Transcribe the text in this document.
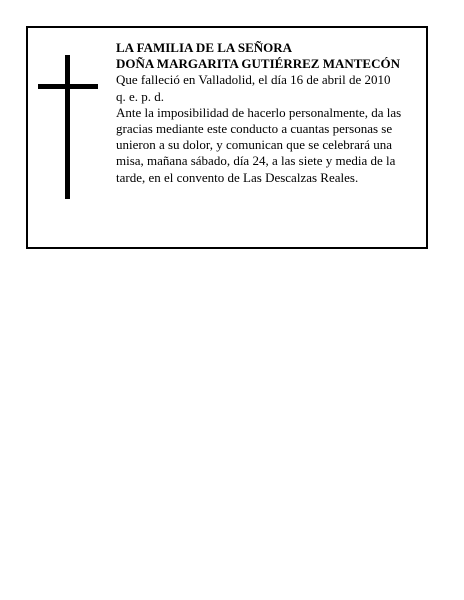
LA FAMILIA DE LA SEÑORA
DOÑA MARGARITA GUTIÉRREZ MANTECÓN
Que falleció en Valladolid, el día 16 de abril de 2010
q. e. p. d.
Ante la imposibilidad de hacerlo personalmente, da las gracias mediante este conducto a cuantas personas se unieron a su dolor, y comunican que se celebrará una misa, mañana sábado, día 24, a las siete y media de la tarde, en el convento de Las Descalzas Reales.
